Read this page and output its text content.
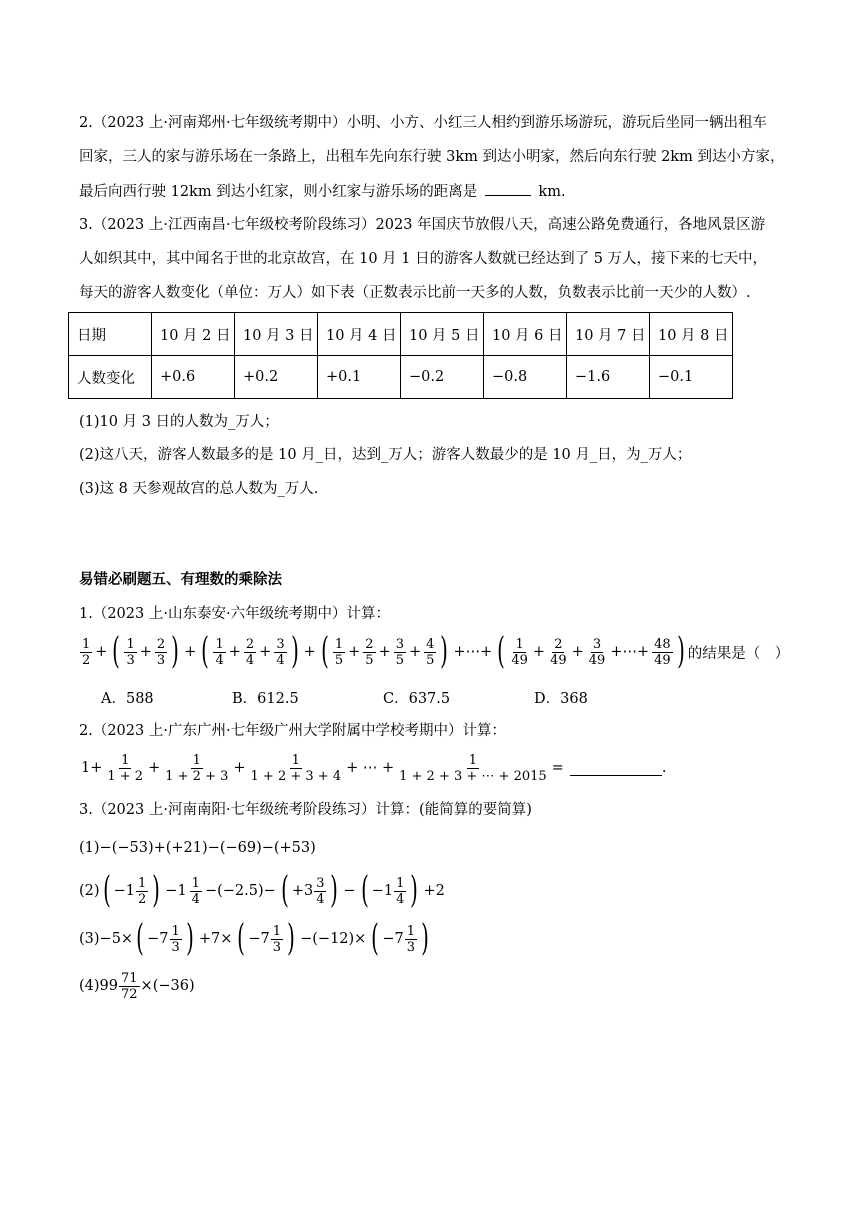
2.（2023 上·河南郑州·七年级统考期中）小明、小方、小红三人相约到游乐场游玩，游玩后坐同一辆出租车
回家，三人的家与游乐场在一条路上，出租车先向东行驶 3km 到达小明家，然后向东行驶 2km 到达小方家，
最后向西行驶 12km 到达小红家，则小红家与游乐场的距离是	km.
3.（2023 上·江西南昌·七年级校考阶段练习）2023 年国庆节放假八天，高速公路免费通行，各地风景区游
人如织其中，其中闻名于世的北京故宫，在 10 月 1 日的游客人数就已经达到了 5 万人，接下来的七天中，
每天的游客人数变化（单位：万人）如下表（正数表示比前一天多的人数，负数表示比前一天少的人数）.
日期	10 月 2 日	10 月 3 日	10 月 4 日	10 月 5 日	10 月 6 日	10 月 7 日	10 月 8 日
人数变化	+0.6	+0.2	+0.1	−0.2	−0.8	−1.6	−0.1
(1)10 月 3 日的人数为_万人；
(2)这八天，游客人数最多的是 10 月_日，达到_万人；游客人数最少的是 10 月_日，为_万人；
(3)这 8 天参观故宫的总人数为_万人.
易错必刷题五、有理数的乘除法
1.（2023 上·山东泰安·六年级统考期中）计算：
$\frac{1}{2}$ + ( $\frac{1}{3} + \frac{2}{3}$ ) + ( $\frac{1}{4} + \frac{2}{4} + \frac{3}{4}$ ) + ( $\frac{1}{5} + \frac{2}{5} + \frac{3}{5} + \frac{4}{5}$ ) +⋯+ ( $\frac{1}{49} + \frac{2}{49} + \frac{3}{49}$ +⋯+ $\frac{48}{49}$ ) 的结果是（　）
A．588	B．612.5	C．637.5	D．368
2.（2023 上·广东广州·七年级广州大学附属中学校考期中）计算：
$1+ \frac{1}{1 + 2} + \frac{1}{1 + 2 + 3} + \frac{1}{1 + 2 + 3 + 4}$ + ⋯ + $\frac{1}{1 + 2 + 3 + \cdots + 2015}$ =	.
3.（2023 上·河南南阳·七年级统考阶段练习）计算：(能简算的要简算)
(1)−(−53)+(+21)−(−69)−(+53)
(2) ( $-1 \frac{1}{2}$ ) $-1 \frac{1}{4} -(-2.5)-$ ( $+3 \frac{3}{4}$ ) − ( $-1 \frac{1}{4}$ ) +2
(3)−5× ( $-7 \frac{1}{3}$ ) +7× ( $-7 \frac{1}{3}$ ) −(−12)× ( $-7 \frac{1}{3}$ )
$(4)99 \frac{71}{72} \times(-36)$
